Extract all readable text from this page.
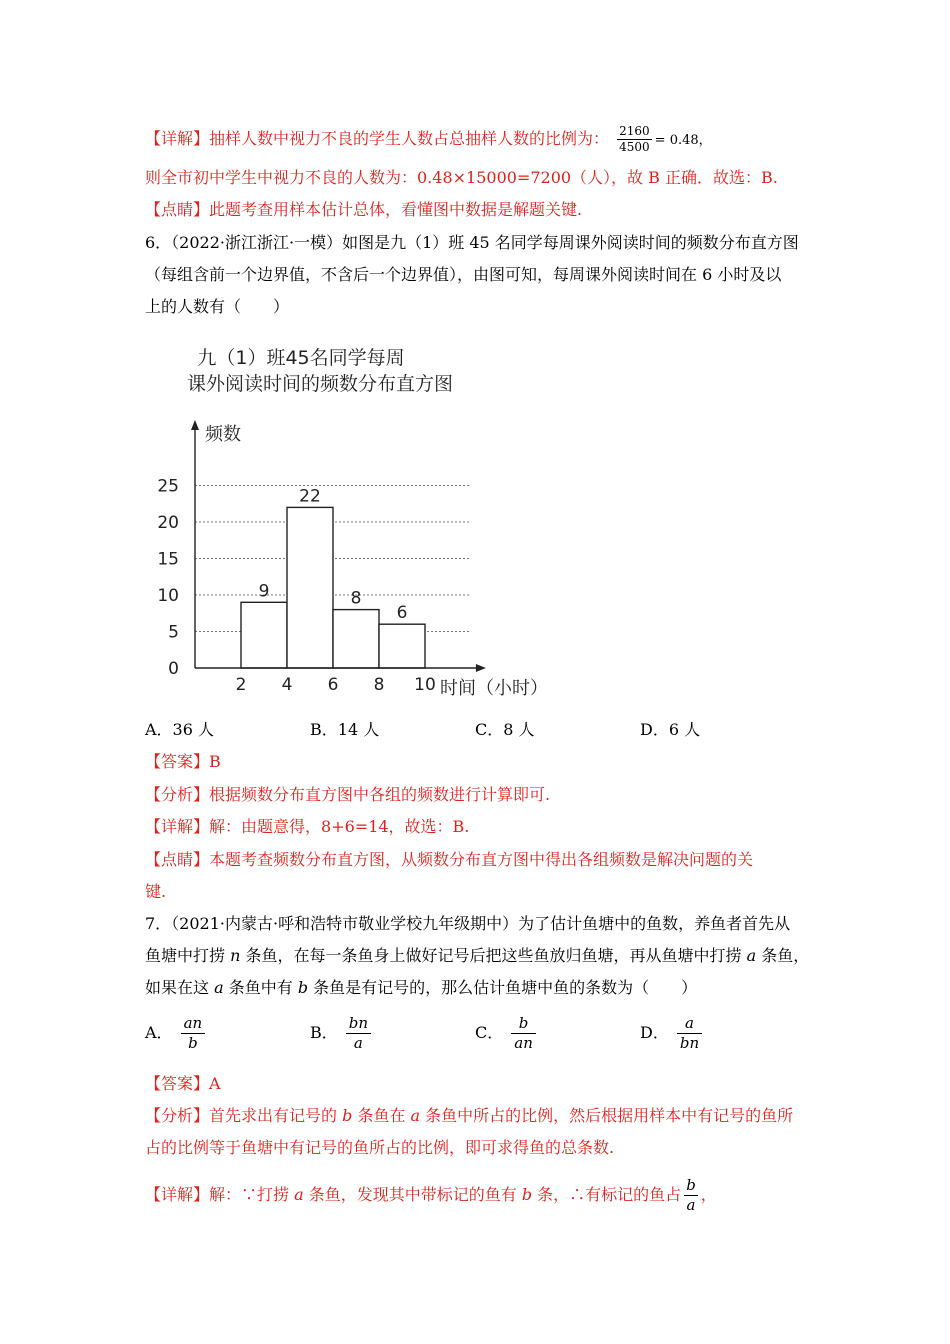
【详解】抽样人数中视力不良的学生人数占总抽样人数的比例为： $\frac{2160}{4500} = 0.48$，
则全市初中学生中视力不良的人数为：0.48×15000=7200（人），故 B 正确．故选：B.
【点睛】此题考查用样本估计总体，看懂图中数据是解题关键.
6．（2022·浙江浙江·一模）如图是九（1）班 45 名同学每周课外阅读时间的频数分布直方图
（每组含前一个边界值，不含后一个边界值），由图可知，每周课外阅读时间在 6 小时及以
上的人数有（　　）
九（1）班45名同学每周
课外阅读时间的频数分布直方图
0
5
10
15
20
25
9
22
8
6
2 4 6 8 10
频数
时间（小时）
A．36 人	B．14 人	C．8 人	D．6 人
【答案】B
【分析】根据频数分布直方图中各组的频数进行计算即可.
【详解】解：由题意得，8+6=14，故选：B.
【点睛】本题考查频数分布直方图，从频数分布直方图中得出各组频数是解决问题的关
键.
7．（2021·内蒙古·呼和浩特市敬业学校九年级期中）为了估计鱼塘中的鱼数，养鱼者首先从
鱼塘中打捞 n 条鱼，在每一条鱼身上做好记号后把这些鱼放归鱼塘，再从鱼塘中打捞 a 条鱼，
如果在这 a 条鱼中有 b 条鱼是有记号的，那么估计鱼塘中鱼的条数为（　　）
A． $\frac{an}{b}$	B． $\frac{bn}{a}$	C． $\frac{b}{an}$	D． $\frac{a}{bn}$
【答案】A
【分析】首先求出有记号的 b 条鱼在 a 条鱼中所占的比例，然后根据用样本中有记号的鱼所
占的比例等于鱼塘中有记号的鱼所占的比例，即可求得鱼的总条数.
【详解】解：∵打捞 a 条鱼，发现其中带标记的鱼有 b 条，∴有标记的鱼占 $\frac{b}{a}$ ，
